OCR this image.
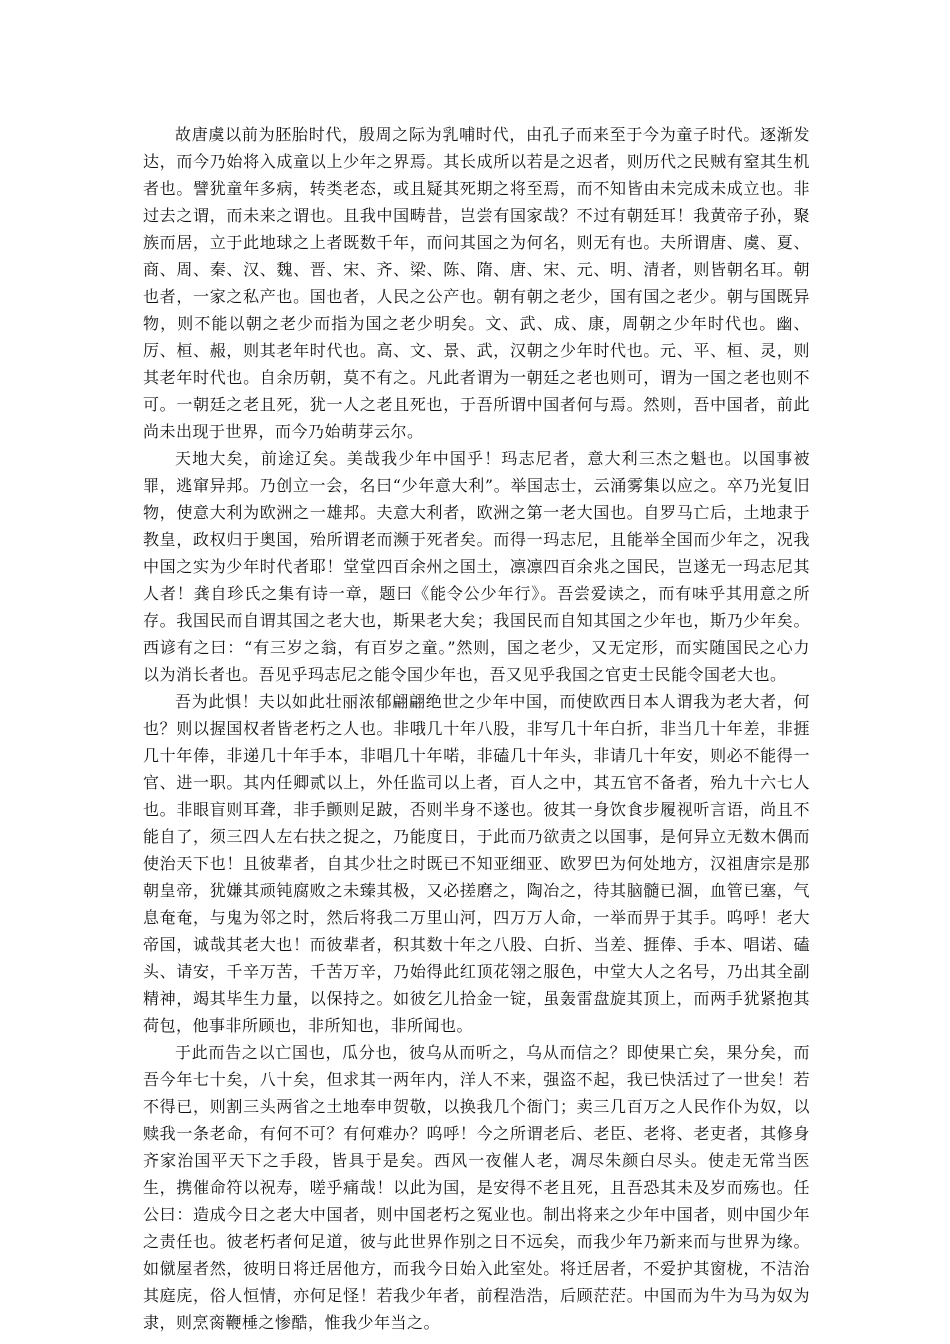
故唐虞以前为胚胎时代，殷周之际为乳哺时代，由孔子而来至于今为童子时代。逐渐发达，而今乃始将入成童以上少年之界焉。其长成所以若是之迟者，则历代之民贼有窒其生机者也。譬犹童年多病，转类老态，或且疑其死期之将至焉，而不知皆由未完成未成立也。非过去之谓，而未来之谓也。且我中国畴昔，岂尝有国家哉？不过有朝廷耳！我黄帝子孙，聚族而居，立于此地球之上者既数千年，而问其国之为何名，则无有也。夫所谓唐、虞、夏、商、周、秦、汉、魏、晋、宋、齐、梁、陈、隋、唐、宋、元、明、清者，则皆朝名耳。朝也者，一家之私产也。国也者，人民之公产也。朝有朝之老少，国有国之老少。朝与国既异物，则不能以朝之老少而指为国之老少明矣。文、武、成、康，周朝之少年时代也。幽、厉、桓、赧，则其老年时代也。高、文、景、武，汉朝之少年时代也。元、平、桓、灵，则其老年时代也。自余历朝，莫不有之。凡此者谓为一朝廷之老也则可，谓为一国之老也则不可。一朝廷之老且死，犹一人之老且死也，于吾所谓中国者何与焉。然则，吾中国者，前此尚未出现于世界，而今乃始萌芽云尔。

天地大矣，前途辽矣。美哉我少年中国乎！玛志尼者，意大利三杰之魁也。以国事被罪，逃窜异邦。乃创立一会，名曰“少年意大利”。举国志士，云涌雾集以应之。卒乃光复旧物，使意大利为欧洲之一雄邦。夫意大利者，欧洲之第一老大国也。自罗马亡后，土地隶于教皇，政权归于奥国，殆所谓老而濒于死者矣。而得一玛志尼，且能举全国而少年之，况我中国之实为少年时代者耶！堂堂四百余州之国土，凛凛四百余兆之国民，岂遂无一玛志尼其人者！龚自珍氏之集有诗一章，题曰《能令公少年行》。吾尝爱读之，而有味乎其用意之所存。我国民而自谓其国之老大也，斯果老大矣；我国民而自知其国之少年也，斯乃少年矣。西谚有之曰：“有三岁之翁，有百岁之童。”然则，国之老少，又无定形，而实随国民之心力以为消长者也。吾见乎玛志尼之能令国少年也，吾又见乎我国之官吏士民能令国老大也。

吾为此惧！夫以如此壮丽浓郁翩翩绝世之少年中国，而使欧西日本人谓我为老大者，何也？则以握国权者皆老朽之人也。非哦几十年八股，非写几十年白折，非当几十年差，非捱几十年俸，非递几十年手本，非唱几十年喏，非磕几十年头，非请几十年安，则必不能得一官、进一职。其内任卿贰以上，外任监司以上者，百人之中，其五官不备者，殆九十六七人也。非眼盲则耳聋，非手颤则足跛，否则半身不遂也。彼其一身饮食步履视听言语，尚且不能自了，须三四人左右扶之捉之，乃能度日，于此而乃欲责之以国事，是何异立无数木偶而使治天下也！且彼辈者，自其少壮之时既已不知亚细亚、欧罗巴为何处地方，汉祖唐宗是那朝皇帝，犹嫌其顽钝腐败之未臻其极，又必搓磨之，陶冶之，待其脑髓已涸，血管已塞，气息奄奄，与鬼为邻之时，然后将我二万里山河，四万万人命，一举而畀于其手。呜呼！老大帝国，诚哉其老大也！而彼辈者，积其数十年之八股、白折、当差、捱俸、手本、唱诺、磕头、请安，千辛万苦，千苦万辛，乃始得此红顶花翎之服色，中堂大人之名号，乃出其全副精神，竭其毕生力量，以保持之。如彼乞儿拾金一锭，虽轰雷盘旋其顶上，而两手犹紧抱其荷包，他事非所顾也，非所知也，非所闻也。

于此而告之以亡国也，瓜分也，彼乌从而听之，乌从而信之？即使果亡矣，果分矣，而吾今年七十矣，八十矣，但求其一两年内，洋人不来，强盗不起，我已快活过了一世矣！若不得已，则割三头两省之土地奉申贺敬，以换我几个衙门；卖三几百万之人民作仆为奴，以赎我一条老命，有何不可？有何难办？呜呼！今之所谓老后、老臣、老将、老吏者，其修身齐家治国平天下之手段，皆具于是矣。西风一夜催人老，凋尽朱颜白尽头。使走无常当医生，携催命符以祝寿，嗟乎痛哉！以此为国，是安得不老且死，且吾恐其未及岁而殇也。任公曰：造成今日之老大中国者，则中国老朽之冤业也。制出将来之少年中国者，则中国少年之责任也。彼老朽者何足道，彼与此世界作别之日不远矣，而我少年乃新来而与世界为缘。如僦屋者然，彼明日将迁居他方，而我今日始入此室处。将迁居者，不爱护其窗栊，不洁治其庭庑，俗人恒情，亦何足怪！若我少年者，前程浩浩，后顾茫茫。中国而为牛为马为奴为隶，则烹脔鞭棰之惨酷，惟我少年当之。
